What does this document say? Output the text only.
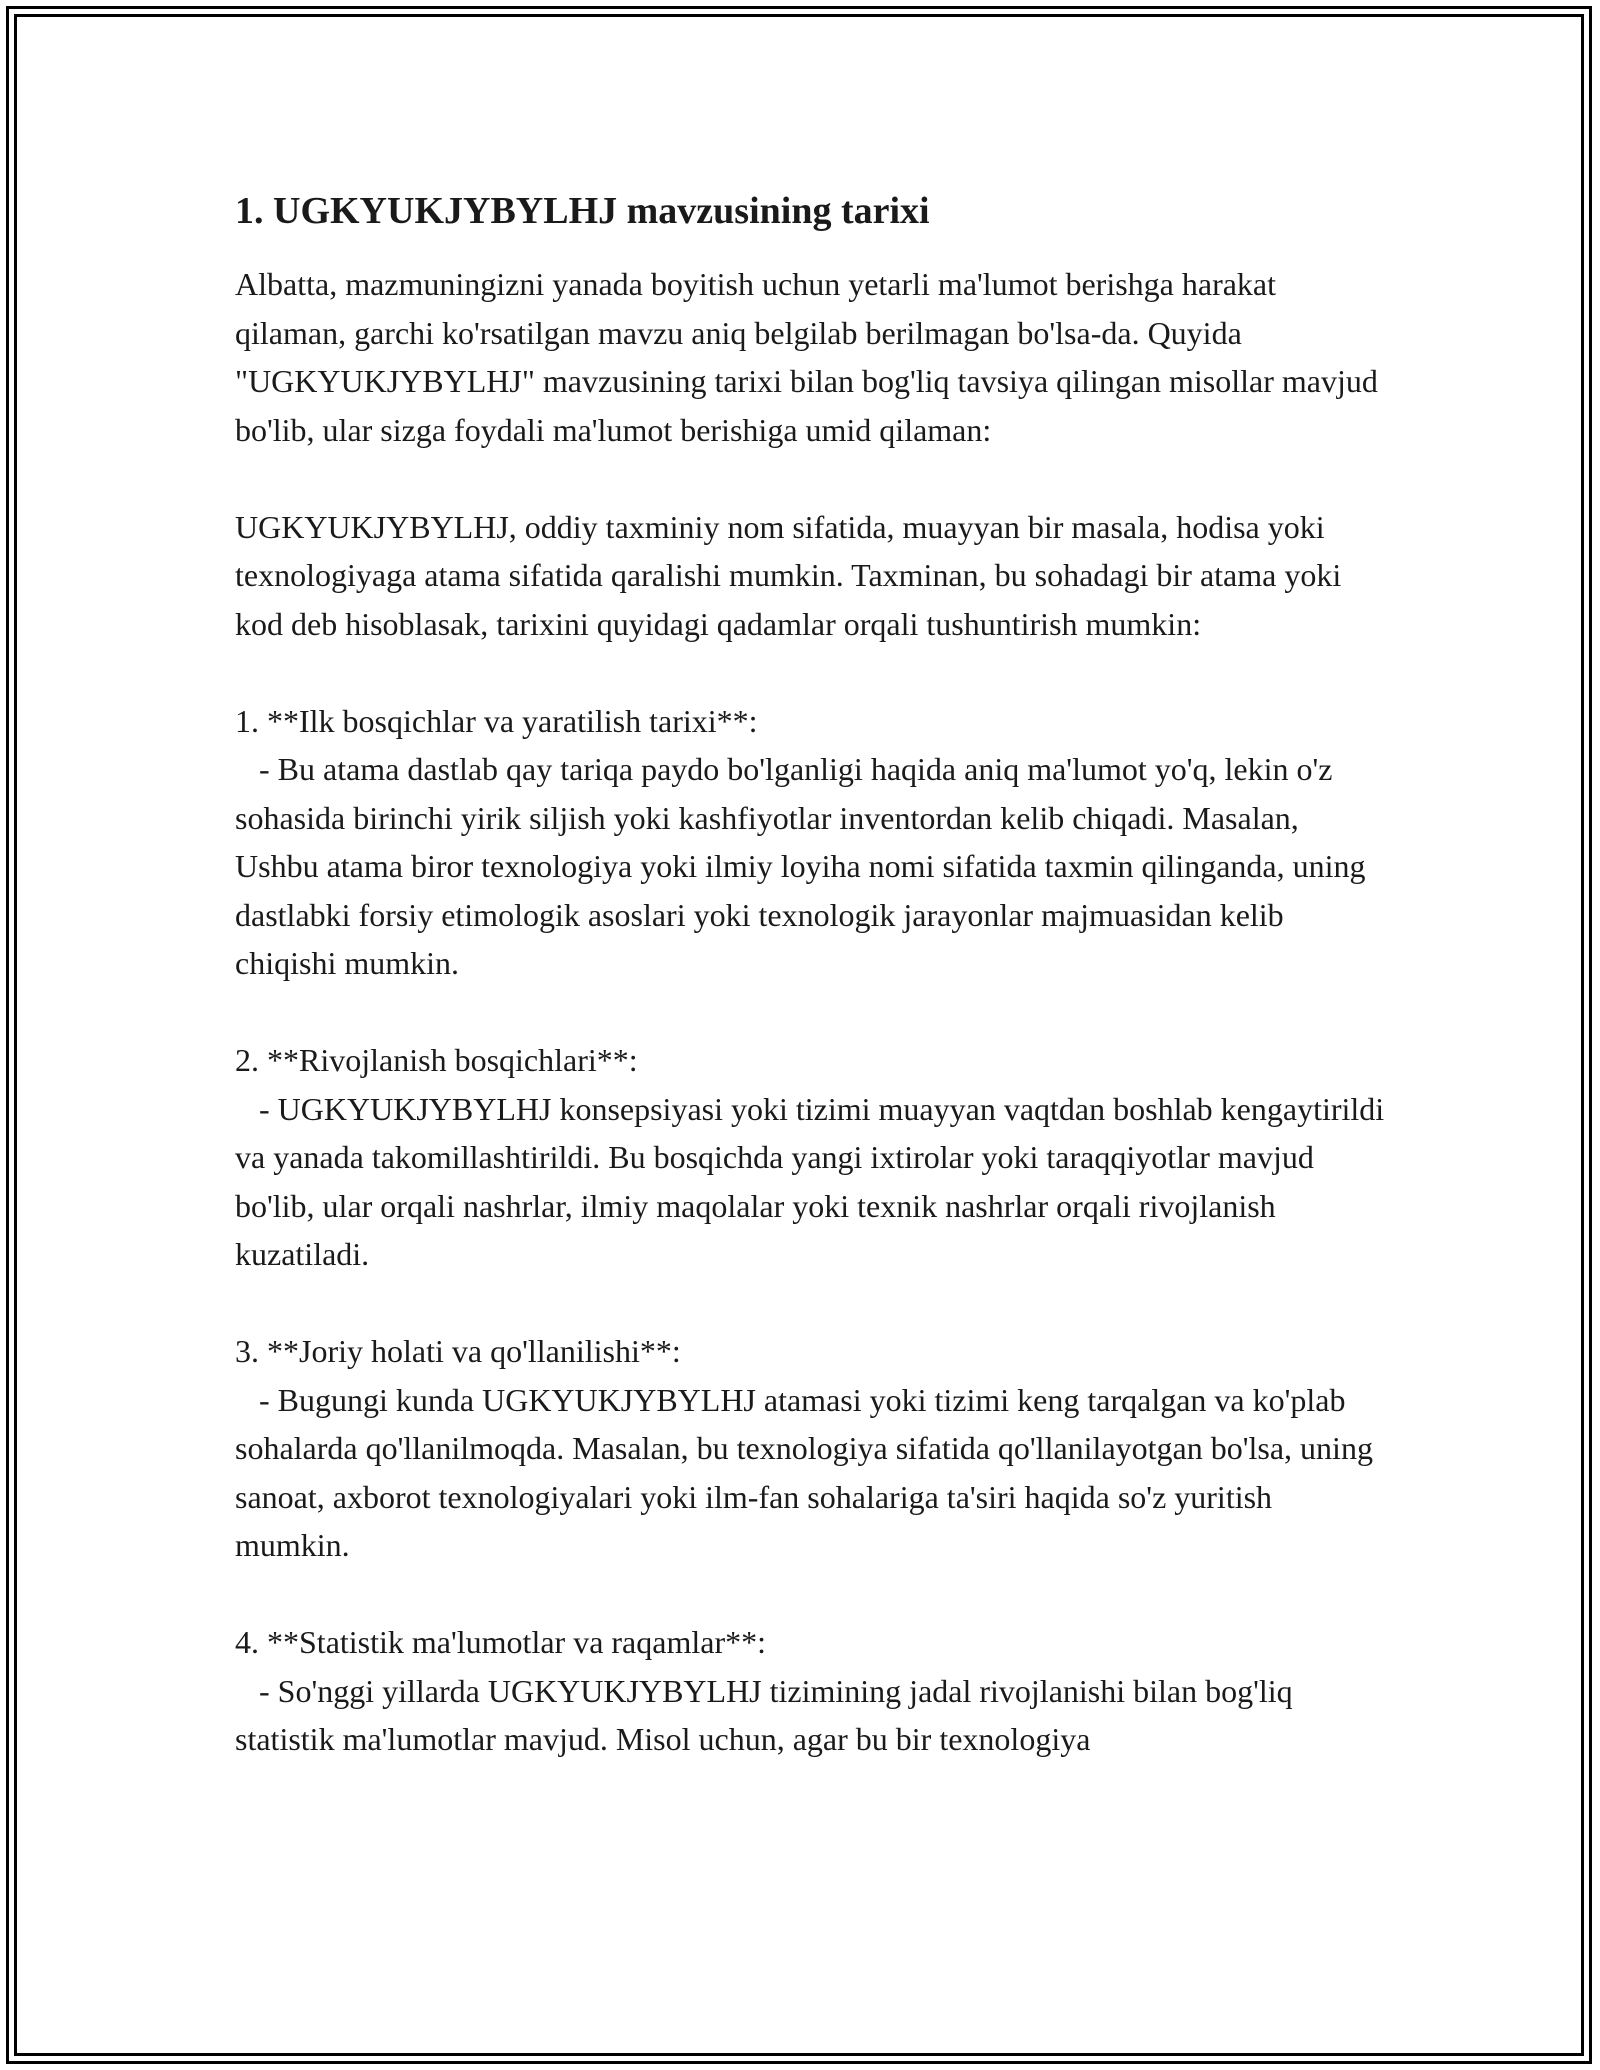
1. UGKYUKJYBYLHJ mavzusining tarixi

Albatta, mazmuningizni yanada boyitish uchun yetarli ma'lumot berishga harakat qilaman, garchi ko'rsatilgan mavzu aniq belgilab berilmagan bo'lsa-da. Quyida "UGKYUKJYBYLHJ" mavzusining tarixi bilan bog'liq tavsiya qilingan misollar mavjud bo'lib, ular sizga foydali ma'lumot berishiga umid qilaman:

UGKYUKJYBYLHJ, oddiy taxminiy nom sifatida, muayyan bir masala, hodisa yoki texnologiyaga atama sifatida qaralishi mumkin. Taxminan, bu sohadagi bir atama yoki kod deb hisoblasak, tarixini quyidagi qadamlar orqali tushuntirish mumkin:

1. **Ilk bosqichlar va yaratilish tarixi**:

- Bu atama dastlab qay tariqa paydo bo'lganligi haqida aniq ma'lumot yo'q, lekin o'z sohasida birinchi yirik siljish yoki kashfiyotlar inventordan kelib chiqadi. Masalan, Ushbu atama biror texnologiya yoki ilmiy loyiha nomi sifatida taxmin qilinganda, uning dastlabki forsiy etimologik asoslari yoki texnologik jarayonlar majmuasidan kelib chiqishi mumkin.

2. **Rivojlanish bosqichlari**:

- UGKYUKJYBYLHJ konsepsiyasi yoki tizimi muayyan vaqtdan boshlab kengaytirildi va yanada takomillashtirildi. Bu bosqichda yangi ixtirolar yoki taraqqiyotlar mavjud bo'lib, ular orqali nashrlar, ilmiy maqolalar yoki texnik nashrlar orqali rivojlanish kuzatiladi.

3. **Joriy holati va qo'llanilishi**:

- Bugungi kunda UGKYUKJYBYLHJ atamasi yoki tizimi keng tarqalgan va ko'plab sohalarda qo'llanilmoqda. Masalan, bu texnologiya sifatida qo'llanilayotgan bo'lsa, uning sanoat, axborot texnologiyalari yoki ilm-fan sohalariga ta'siri haqida so'z yuritish mumkin.

4. **Statistik ma'lumotlar va raqamlar**:

- So'nggi yillarda UGKYUKJYBYLHJ tizimining jadal rivojlanishi bilan bog'liq statistik ma'lumotlar mavjud. Misol uchun, agar bu bir texnologiya
